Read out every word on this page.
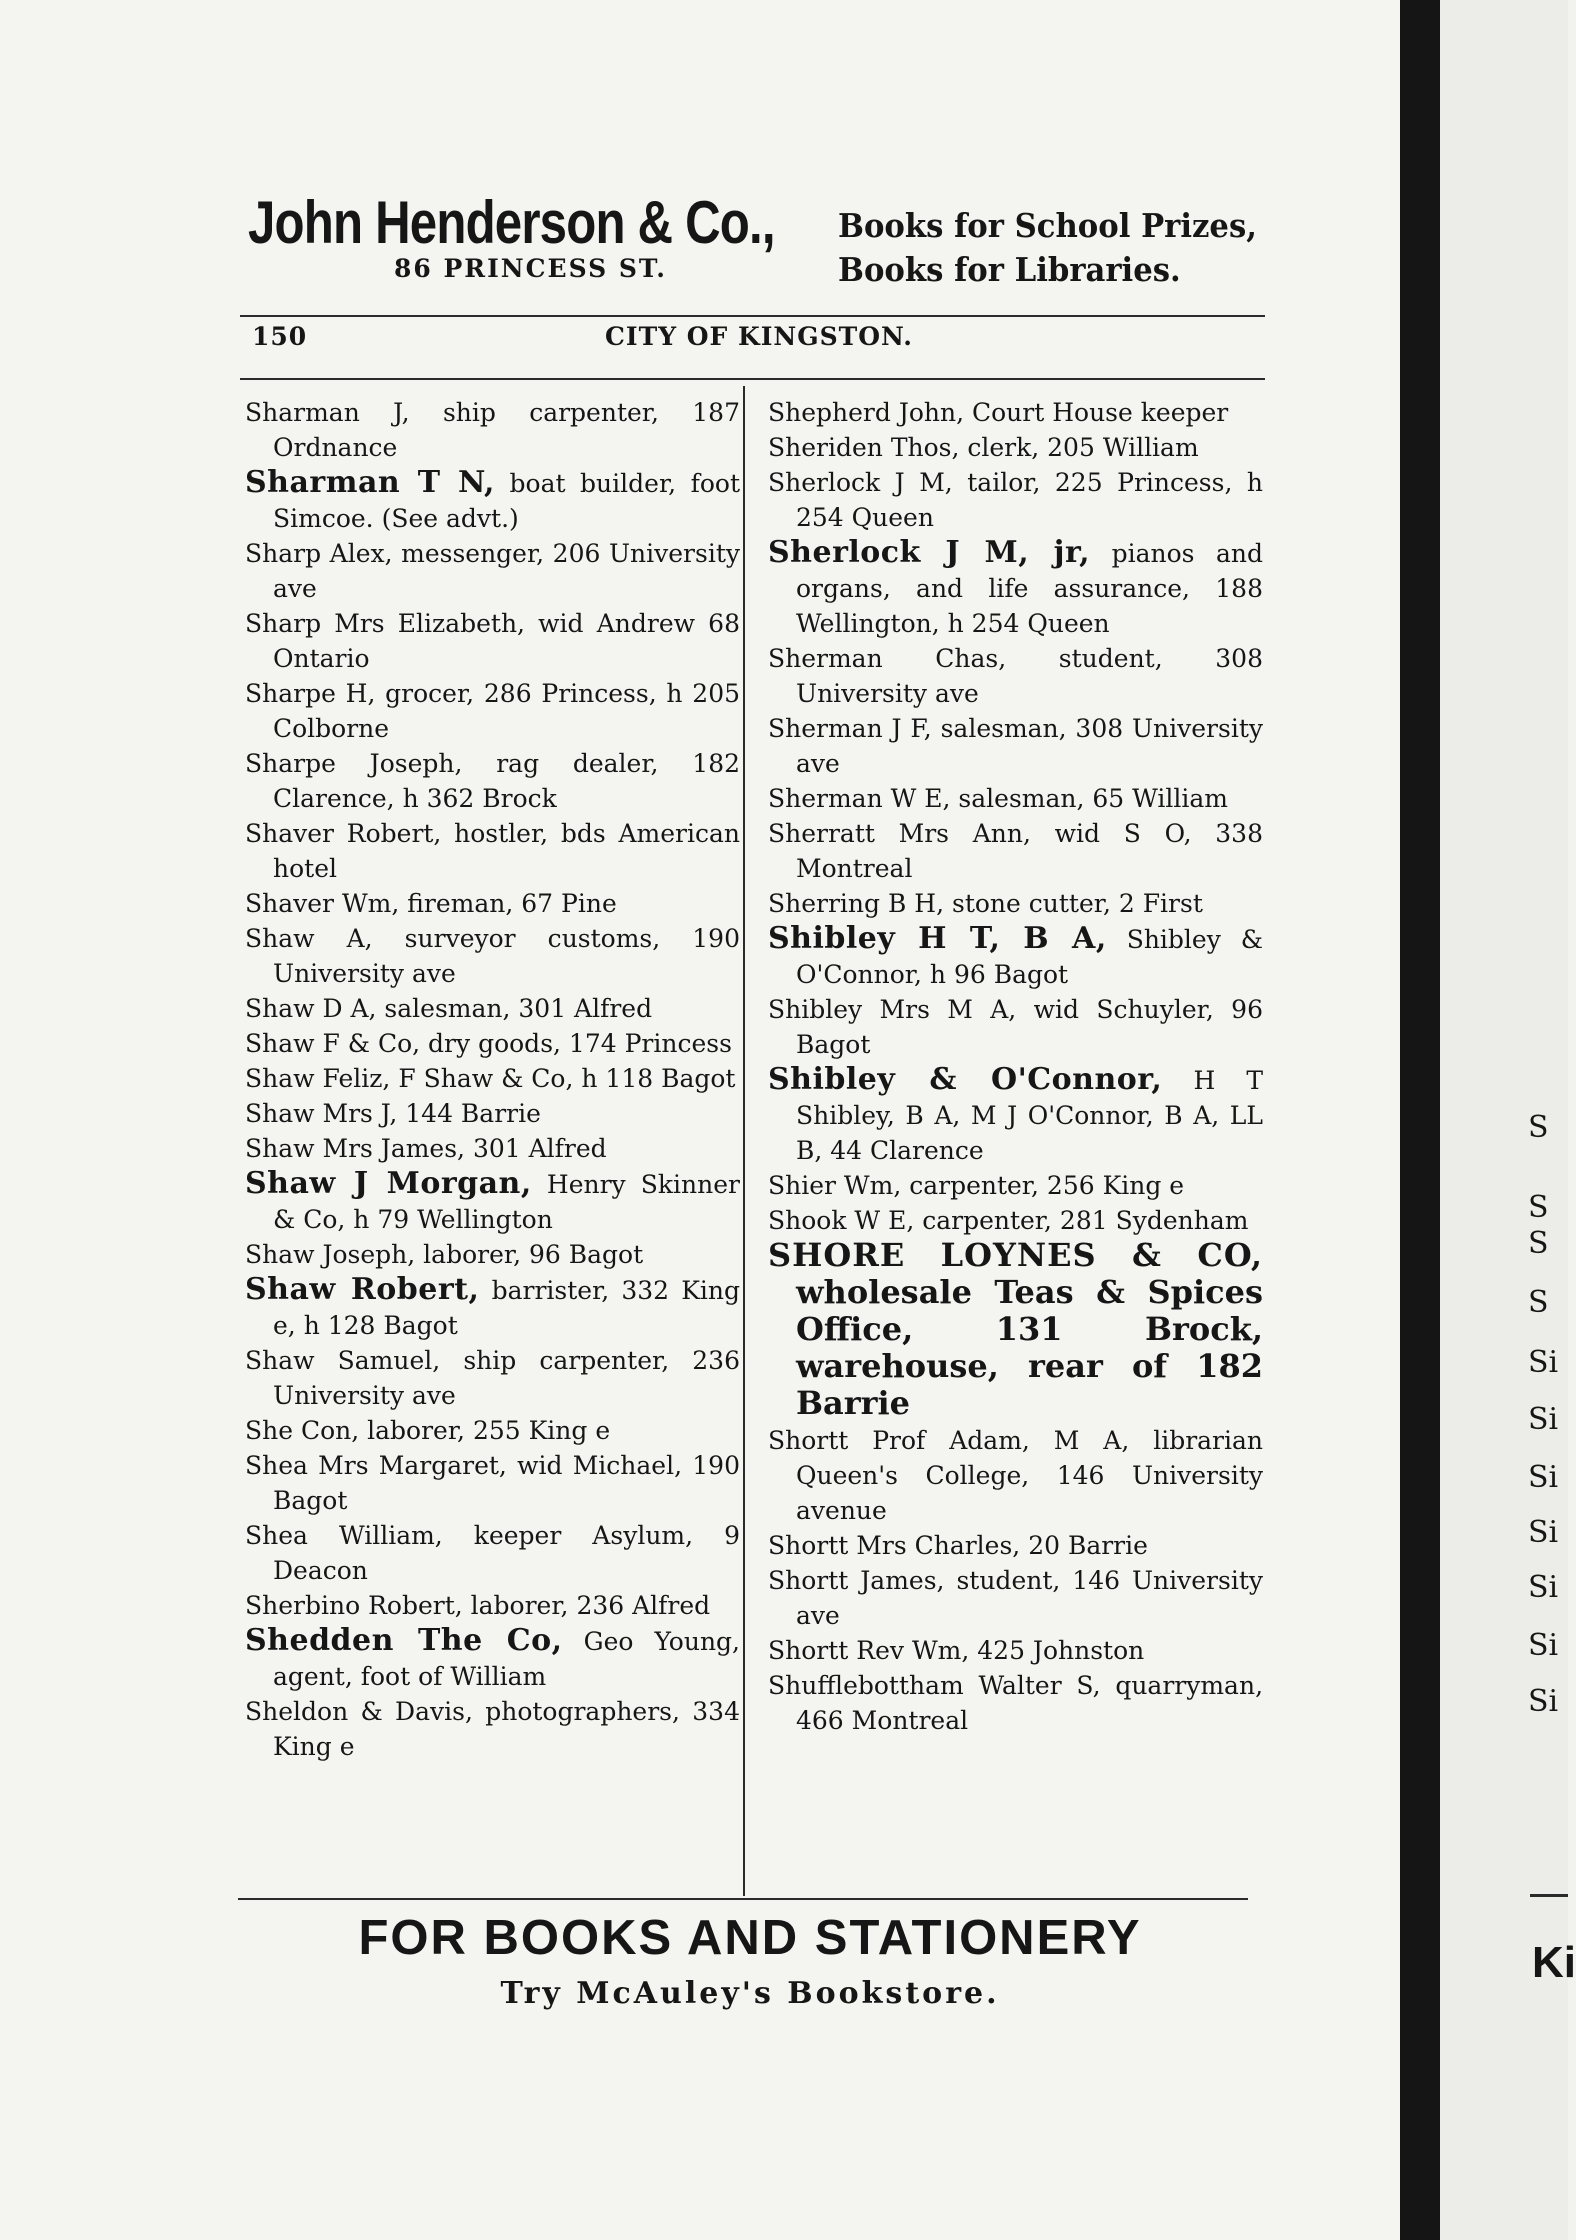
John Henderson & Co.,
86 PRINCESS ST.
Books for School Prizes,
Books for Libraries.
150	CITY OF KINGSTON.

Sharman J, ship carpenter, 187 Ordnance

Sharman T N, boat builder, foot Simcoe. (See advt.)

Sharp Alex, messenger, 206 University ave

Sharp Mrs Elizabeth, wid Andrew 68 Ontario

Sharpe H, grocer, 286 Princess, h 205 Colborne

Sharpe Joseph, rag dealer, 182 Clarence, h 362 Brock

Shaver Robert, hostler, bds American hotel

Shaver Wm, fireman, 67 Pine

Shaw A, surveyor customs, 190 University ave

Shaw D A, salesman, 301 Alfred

Shaw F & Co, dry goods, 174 Princess

Shaw Feliz, F Shaw & Co, h 118 Bagot

Shaw Mrs J, 144 Barrie

Shaw Mrs James, 301 Alfred

Shaw J Morgan, Henry Skinner & Co, h 79 Wellington

Shaw Joseph, laborer, 96 Bagot

Shaw Robert, barrister, 332 King e, h 128 Bagot

Shaw Samuel, ship carpenter, 236 University ave

She Con, laborer, 255 King e

Shea Mrs Margaret, wid Michael, 190 Bagot

Shea William, keeper Asylum, 9 Deacon

Sherbino Robert, laborer, 236 Alfred

Shedden The Co, Geo Young, agent, foot of William

Sheldon & Davis, photographers, 334 King e

Shepherd John, Court House keeper

Sheriden Thos, clerk, 205 William

Sherlock J M, tailor, 225 Princess, h 254 Queen

Sherlock J M, jr, pianos and organs, and life assurance, 188 Wellington, h 254 Queen

Sherman Chas, student, 308 University ave

Sherman J F, salesman, 308 University ave

Sherman W E, salesman, 65 William

Sherratt Mrs Ann, wid S O, 338 Montreal

Sherring B H, stone cutter, 2 First

Shibley H T, B A, Shibley & O'Connor, h 96 Bagot

Shibley Mrs M A, wid Schuyler, 96 Bagot

Shibley & O'Connor, H T Shibley, B A, M J O'Connor, B A, LL B, 44 Clarence

Shier Wm, carpenter, 256 King e

Shook W E, carpenter, 281 Sydenham

SHORE LOYNES & CO, wholesale Teas & Spices Office, 131 Brock, warehouse, rear of 182 Barrie

Shortt Prof Adam, M A, librarian Queen's College, 146 University avenue

Shortt Mrs Charles, 20 Barrie

Shortt James, student, 146 University ave

Shortt Rev Wm, 425 Johnston

Shufflebottham Walter S, quarryman, 466 Montreal

FOR BOOKS AND STATIONERY
Try McAuley's Bookstore.
S
S
S
S
Si
Si
Si
Si
Si
Si
Si
Ki
